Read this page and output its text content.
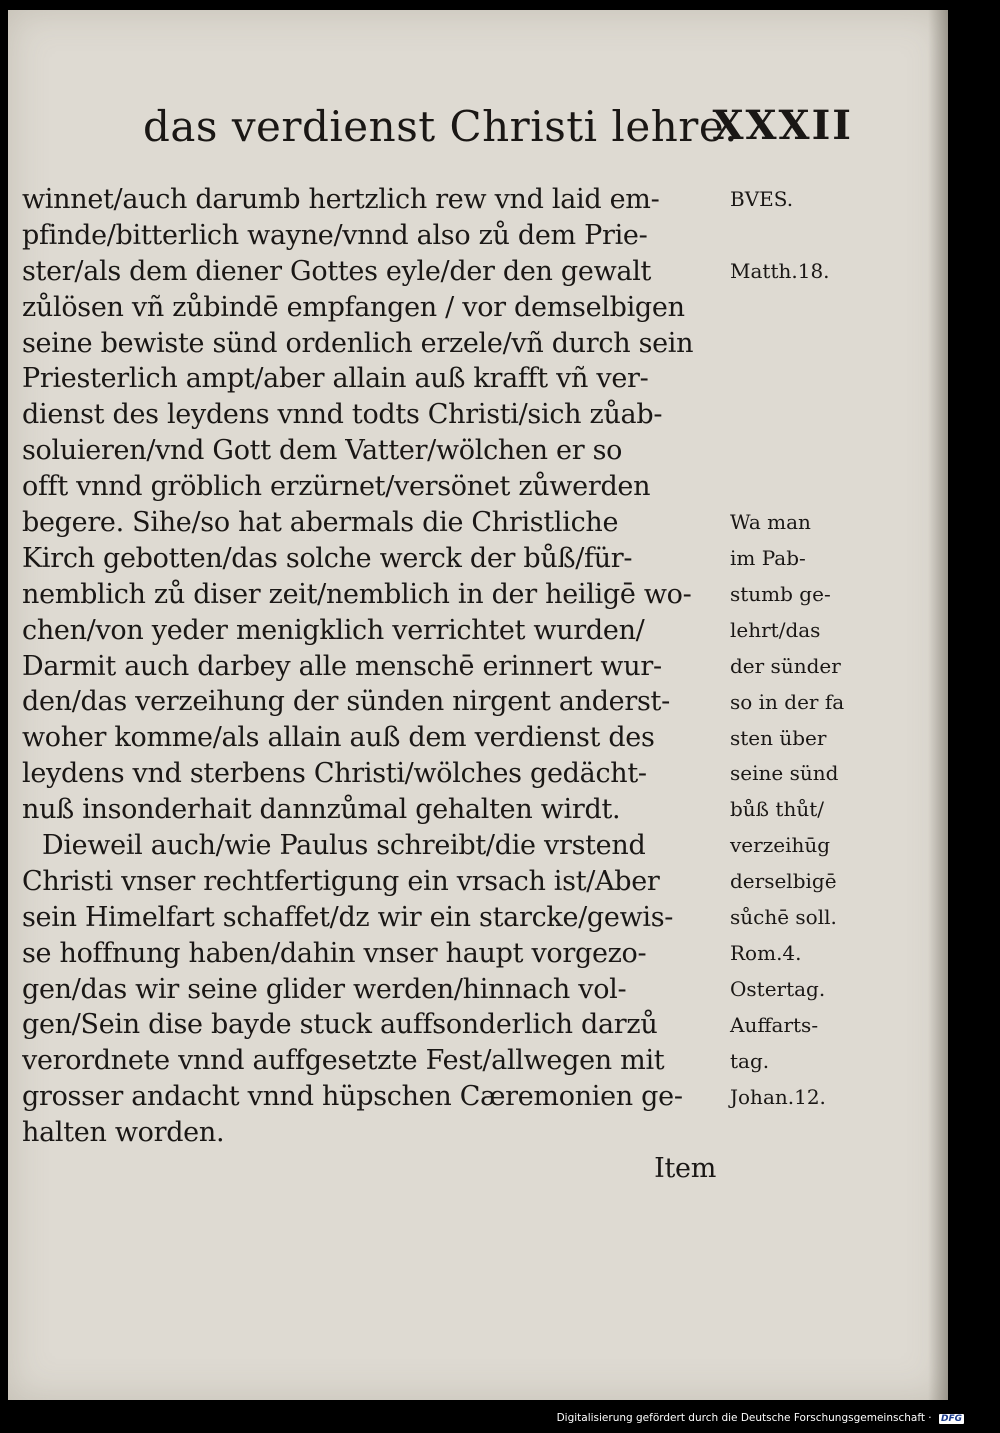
das verdienst Christi lehre.
XXXII
winnet/auch darumb hertzlich rew vnd laid em-
pfinde/bitterlich wayne/vnnd also zů dem Prie-
ster/als dem diener Gottes eyle/der den gewalt
zůlösen vñ zůbindē empfangen / vor demselbigen
seine bewiste sünd ordenlich erzele/vñ durch sein
Priesterlich ampt/aber allain auß krafft vñ ver-
dienst des leydens vnnd todts Christi/sich zůab-
soluieren/vnd Gott dem Vatter/wölchen er so
offt vnnd gröblich erzürnet/versönet zůwerden
begere. Sihe/so hat abermals die Christliche
Kirch gebotten/das solche werck der bůß/für-
nemblich zů diser zeit/nemblich in der heiligē wo-
chen/von yeder menigklich verrichtet wurden/
Darmit auch darbey alle menschē erinnert wur-
den/das verzeihung der sünden nirgent anderst-
woher komme/als allain auß dem verdienst des
leydens vnd sterbens Christi/wölches gedächt-
nuß insonderhait dannzůmal gehalten wirdt.
Dieweil auch/wie Paulus schreibt/die vrstend
Christi vnser rechtfertigung ein vrsach ist/Aber
sein Himelfart schaffet/dz wir ein starcke/gewis-
se hoffnung haben/dahin vnser haupt vorgezo-
gen/das wir seine glider werden/hinnach vol-
gen/Sein dise bayde stuck auffsonderlich darzů
verordnete vnnd auffgesetzte Fest/allwegen mit
grosser andacht vnnd hüpschen Cæremonien ge-
halten worden.
Item
BVES.
Matth.18.
Wa man
im Pab-
stumb ge-
lehrt/das
der sünder
so in der fa
sten über
seine sünd
bůß thůt/
verzeihūg
derselbigē
sůchē soll.
Rom.4.
Ostertag.
Auffarts-
tag.
Johan.12.
Digitalisierung gefördert durch die Deutsche Forschungsgemeinschaft · DFG
